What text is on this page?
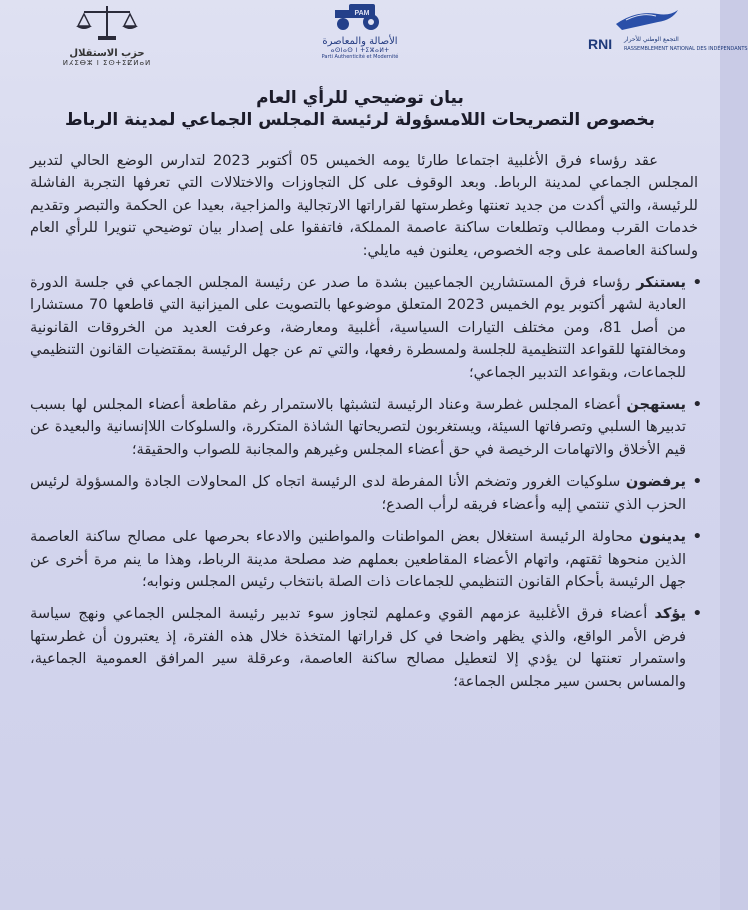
حزب الاستقلال
ⵍⵃⵉⴱⵣ ⵏ ⵉⵙⵜⵉⵇⵍⴰⵍ
PAM
الأصالة والمعاصرة
ⴰⵙⵏⴰⵙ ⵏ ⵜⵉⵣⴰⵍⵜ
Parti Authenticité et Modernité
RNI التجمع الوطني للأحرار
RASSEMBLEMENT NATIONAL DES INDÉPENDANTS
بيان توضيحي للرأي العام
بخصوص التصريحات اللامسؤولة لرئيسة المجلس الجماعي لمدينة الرباط

عقد رؤساء فرق الأغلبية اجتماعا طارئا يومه الخميس 05 أكتوبر 2023 لتدارس الوضع الحالي لتدبير المجلس الجماعي لمدينة الرباط. وبعد الوقوف على كل التجاوزات والاختلالات التي تعرفها التجربة الفاشلة للرئيسة، والتي أكدت من جديد تعنتها وغطرستها لقراراتها الارتجالية والمزاجية، بعيدا عن الحكمة والتبصر وتقديم خدمات القرب ومطالب وتطلعات ساكنة عاصمة المملكة، فاتفقوا على إصدار بيان توضيحي تنويرا للرأي العام ولساكنة العاصمة على وجه الخصوص، يعلنون فيه مايلي:

•
يستنكر رؤساء فرق المستشارين الجماعيين بشدة ما صدر عن رئيسة المجلس الجماعي في جلسة الدورة العادية لشهر أكتوبر يوم الخميس 2023 المتعلق موضوعها بالتصويت على الميزانية التي قاطعها 70 مستشارا من أصل 81، ومن مختلف التيارات السياسية، أغلبية ومعارضة، وعرفت العديد من الخروقات القانونية ومخالفتها للقواعد التنظيمية للجلسة ولمسطرة رفعها، والتي تم عن جهل الرئيسة بمقتضيات القانون التنظيمي للجماعات، وبقواعد التدبير الجماعي؛

•
يستهجن أعضاء المجلس غطرسة وعناد الرئيسة لتشبثها بالاستمرار رغم مقاطعة أعضاء المجلس لها بسبب تدبيرها السلبي وتصرفاتها السيئة، ويستغربون لتصريحاتها الشاذة المتكررة، والسلوكات اللاإنسانية والبعيدة عن قيم الأخلاق والاتهامات الرخيصة في حق أعضاء المجلس وغيرهم والمجانبة للصواب والحقيقة؛

•
يرفضون سلوكيات الغرور وتضخم الأنا المفرطة لدى الرئيسة اتجاه كل المحاولات الجادة والمسؤولة لرئيس الحزب الذي تنتمي إليه وأعضاء فريقه لرأب الصدع؛

•
يدينون محاولة الرئيسة استغلال بعض المواطنات والمواطنين والادعاء بحرصها على مصالح ساكنة العاصمة الذين منحوها ثقتهم، واتهام الأعضاء المقاطعين بعملهم ضد مصلحة مدينة الرباط، وهذا ما ينم مرة أخرى عن جهل الرئيسة بأحكام القانون التنظيمي للجماعات ذات الصلة بانتخاب رئيس المجلس ونوابه؛

•
يؤكد أعضاء فرق الأغلبية عزمهم القوي وعملهم لتجاوز سوء تدبير رئيسة المجلس الجماعي ونهج سياسة فرض الأمر الواقع، والذي يظهر واضحا في كل قراراتها المتخذة خلال هذه الفترة، إذ يعتبرون أن غطرستها واستمرار تعنتها لن يؤدي إلا لتعطيل مصالح ساكنة العاصمة، وعرقلة سير المرافق العمومية الجماعية، والمساس بحسن سير مجلس الجماعة؛
